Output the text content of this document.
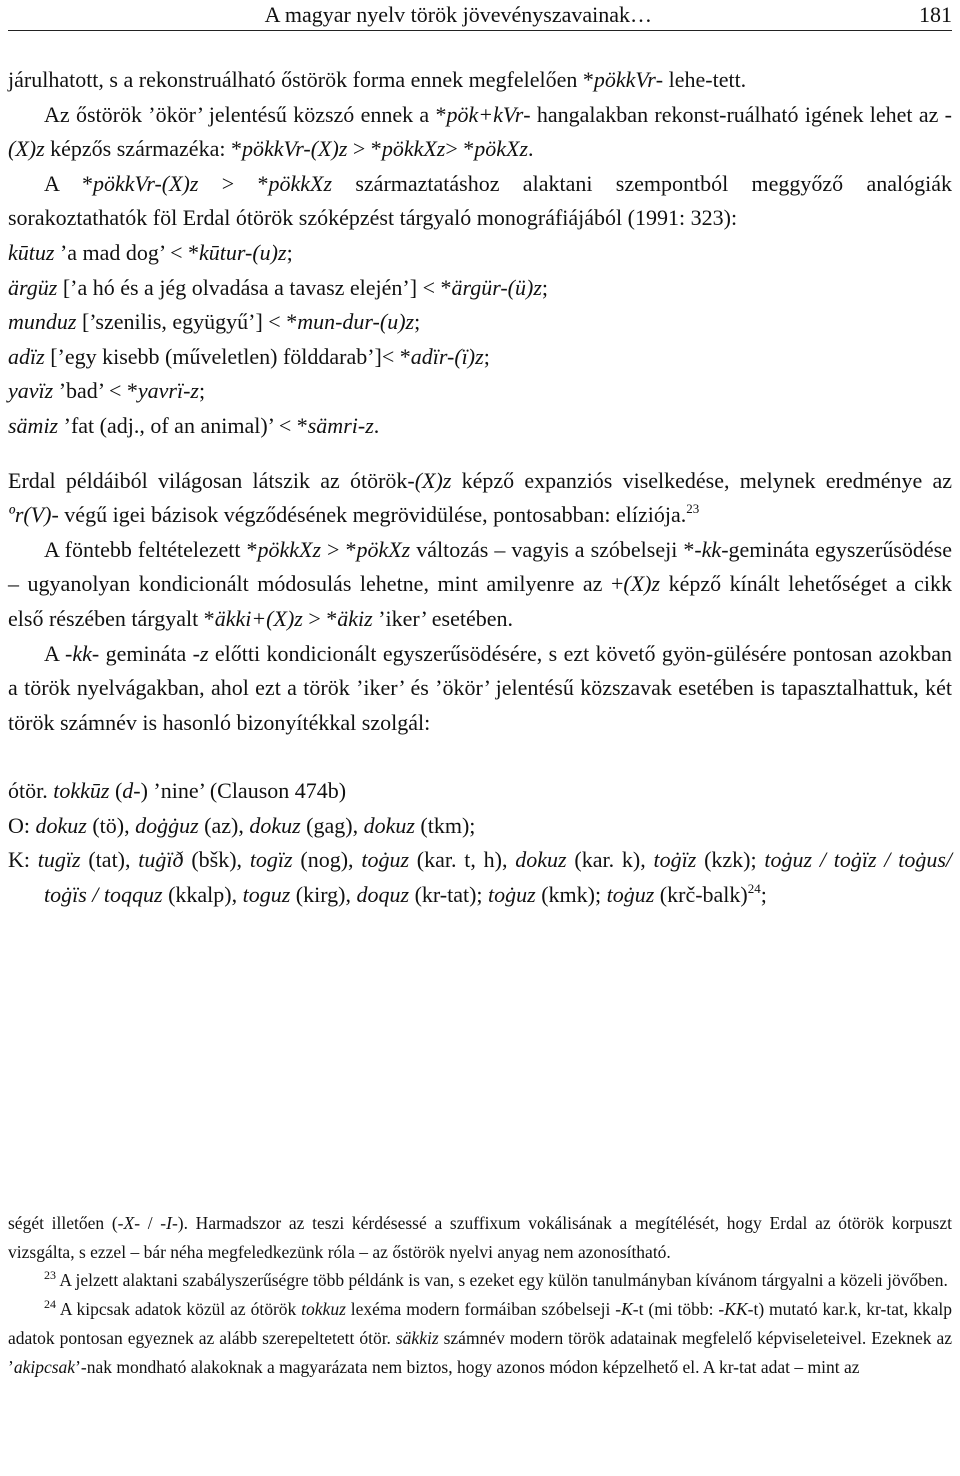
A magyar nyelv török jövevényszavainak…	181

járulhatott, s a rekonstruálható őstörök forma ennek megfelelően *pökkVr- lehe-tett.

Az őstörök ’ökör’ jelentésű közszó ennek a *pök+kVr- hangalakban rekonst-ruálható igének lehet az -(X)z képzős származéka: *pökkVr-(X)z > *pökkXz> *pökXz.

A *pökkVr-(X)z > *pökkXz származtatáshoz alaktani szempontból meggyőző analógiák sorakoztathatók föl Erdal ótörök szóképzést tárgyaló monográfiájából (1991: 323):

kūtuz ’a mad dog’ < *kūtur-(u)z;

ärgüz [’a hó és a jég olvadása a tavasz elején’] < *ärgür-(ü)z;

munduz [’szenilis, együgyű’] < *mun-dur-(u)z;

adïz [’egy kisebb (műveletlen) földdarab’]< *adïr-(ï)z;

yavïz ’bad’ < *yavrï-z;

sämiz ’fat (adj., of an animal)’ < *sämri-z.

Erdal példáiból világosan látszik az ótörök-(X)z képző expanziós viselkedése, melynek eredménye az ºr(V)- végű igei bázisok végződésének megrövidülése, pontosabban: elíziója.$^{23}$

A föntebb feltételezett *pökkXz > *pökXz változás – vagyis a szóbelseji *-kk-gemináta egyszerűsödése – ugyanolyan kondicionált módosulás lehetne, mint amilyenre az +(X)z képző kínált lehetőséget a cikk első részében tárgyalt *äkki+(X)z > *äkiz ’iker’ esetében.

A -kk- gemináta -z előtti kondicionált egyszerűsödésére, s ezt követő gyön-gülésére pontosan azokban a török nyelvágakban, ahol ezt a török ’iker’ és ’ökör’ jelentésű közszavak esetében is tapasztalhattuk, két török számnév is hasonló bizonyítékkal szolgál:

ótör. tokkūz (d-) ’nine’ (Clauson 474b)

O: dokuz (tö), doġġuz (az), dokuz (gag), dokuz (tkm);

K: tugïz (tat), tuġïð (bšk), togïz (nog), toġuz (kar. t, h), dokuz (kar. k), toġïz (kzk); toġuz / toġïz / toġus/ toġïs / toqquz (kkalp), toguz (kirg), doquz (kr-tat); toġuz (kmk); toġuz (krč-balk)$^{24}$;

ségét illetően (-X- / -I-). Harmadszor az teszi kérdésessé a szuffixum vokálisának a megítélését, hogy Erdal az ótörök korpuszt vizsgálta, s ezzel – bár néha megfeledkezünk róla – az őstörök nyelvi anyag nem azonosítható.

$^{23}$ A jelzett alaktani szabályszerűségre több példánk is van, s ezeket egy külön tanulmányban kívánom tárgyalni a közeli jövőben.

$^{24}$ A kipcsak adatok közül az ótörök tokkuz lexéma modern formáiban szóbelseji -K-t (mi több: -KK-t) mutató kar.k, kr-tat, kkalp adatok pontosan egyeznek az alább szerepeltetett ótör. säkkiz számnév modern török adatainak megfelelő képviseleteivel. Ezeknek az ’akipcsak’-nak mondható alakoknak a magyarázata nem biztos, hogy azonos módon képzelhető el. A kr-tat adat – mint az
